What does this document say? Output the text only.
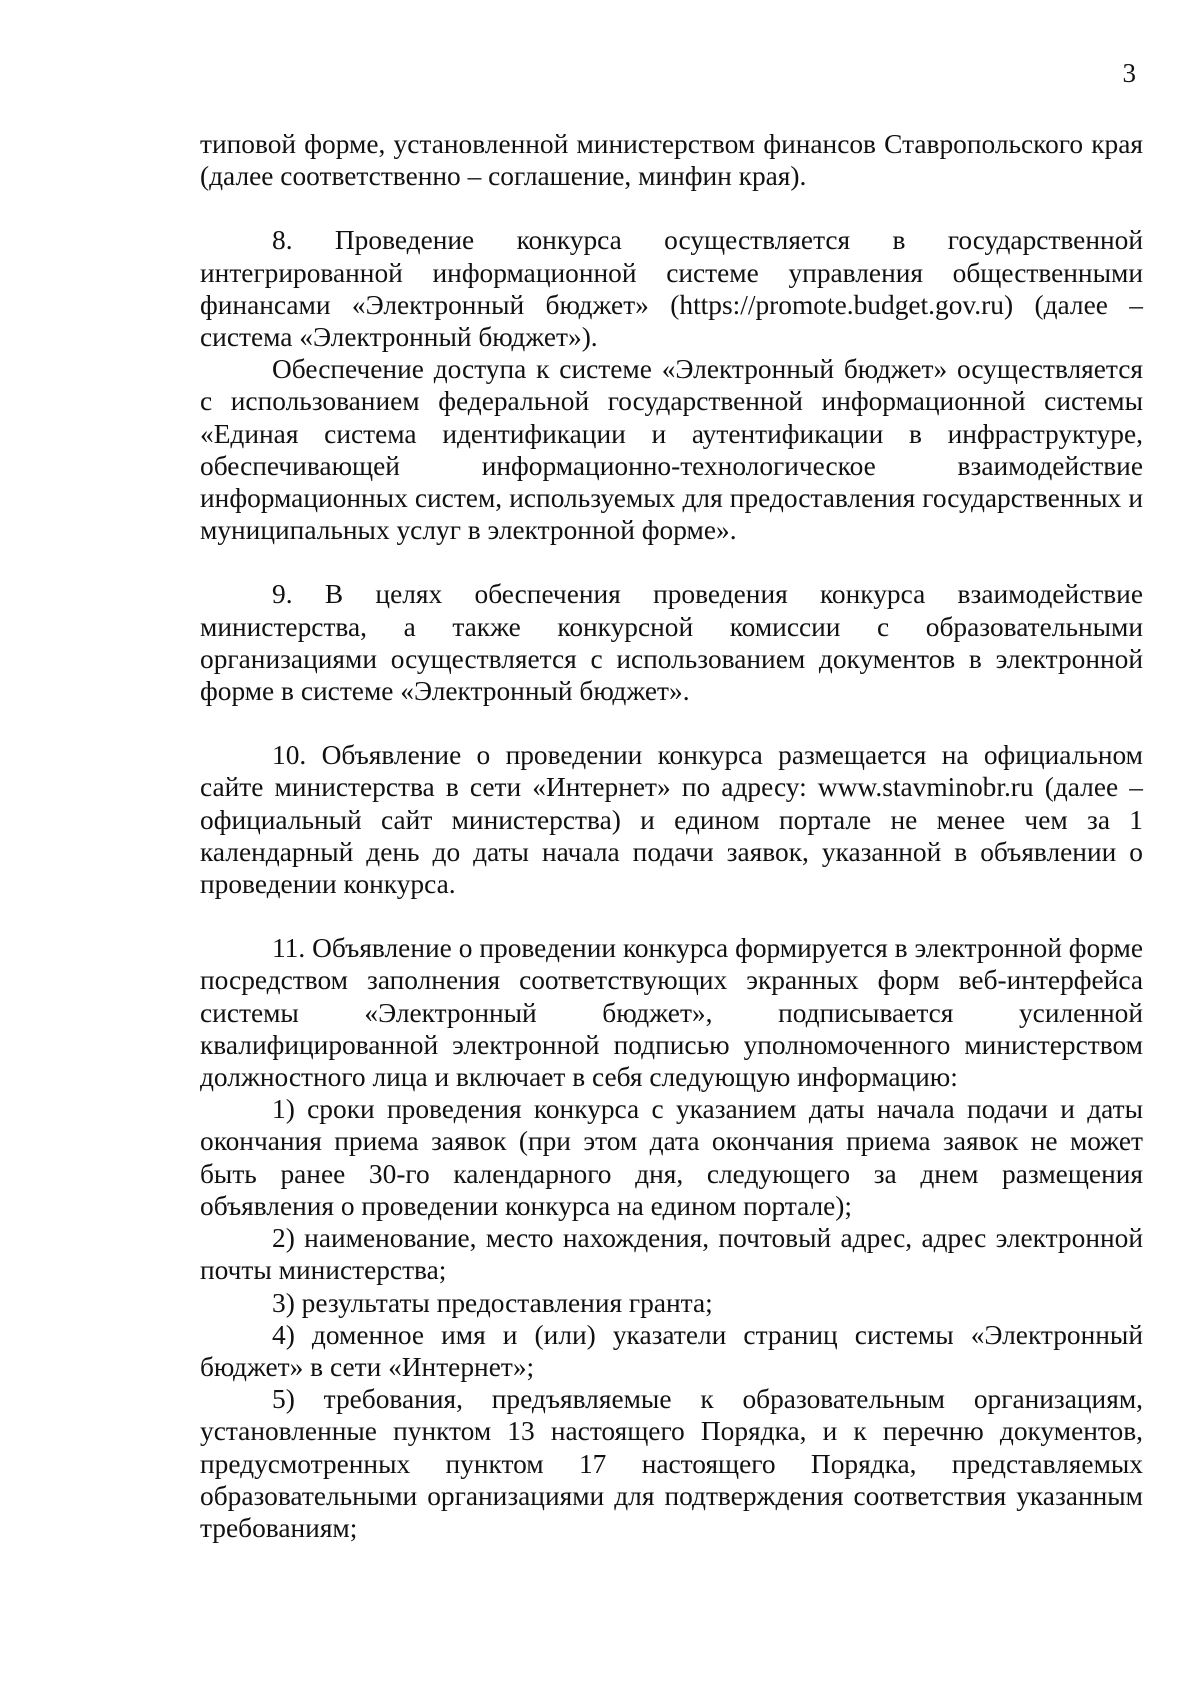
3

типовой форме, установленной министерством финансов Ставропольского края (далее соответственно – соглашение, минфин края).

8. Проведение конкурса осуществляется в государственной интегрированной информационной системе управления общественными финансами «Электронный бюджет» (https://promote.budget.gov.ru) (далее – система «Электронный бюджет»).

Обеспечение доступа к системе «Электронный бюджет» осуществляется с использованием федеральной государственной информационной системы «Единая система идентификации и аутентификации в инфраструктуре, обеспечивающей информационно-технологическое взаимодействие информационных систем, используемых для предоставления государственных и муниципальных услуг в электронной форме».

9. В целях обеспечения проведения конкурса взаимодействие министерства, а также конкурсной комиссии с образовательными организациями осуществляется с использованием документов в электронной форме в системе «Электронный бюджет».

10. Объявление о проведении конкурса размещается на официальном сайте министерства в сети «Интернет» по адресу: www.stavminobr.ru (далее – официальный сайт министерства) и едином портале не менее чем за 1 календарный день до даты начала подачи заявок, указанной в объявлении о проведении конкурса.

11. Объявление о проведении конкурса формируется в электронной форме посредством заполнения соответствующих экранных форм веб-интерфейса системы «Электронный бюджет», подписывается усиленной квалифицированной электронной подписью уполномоченного министерством должностного лица и включает в себя следующую информацию:

1) сроки проведения конкурса с указанием даты начала подачи и даты окончания приема заявок (при этом дата окончания приема заявок не может быть ранее 30-го календарного дня, следующего за днем размещения объявления о проведении конкурса на едином портале);

2) наименование, место нахождения, почтовый адрес, адрес электронной почты министерства;

3) результаты предоставления гранта;

4) доменное имя и (или) указатели страниц системы «Электронный бюджет» в сети «Интернет»;

5) требования, предъявляемые к образовательным организациям, установленные пунктом 13 настоящего Порядка, и к перечню документов, предусмотренных пунктом 17 настоящего Порядка, представляемых образовательными организациями для подтверждения соответствия указанным требованиям;
